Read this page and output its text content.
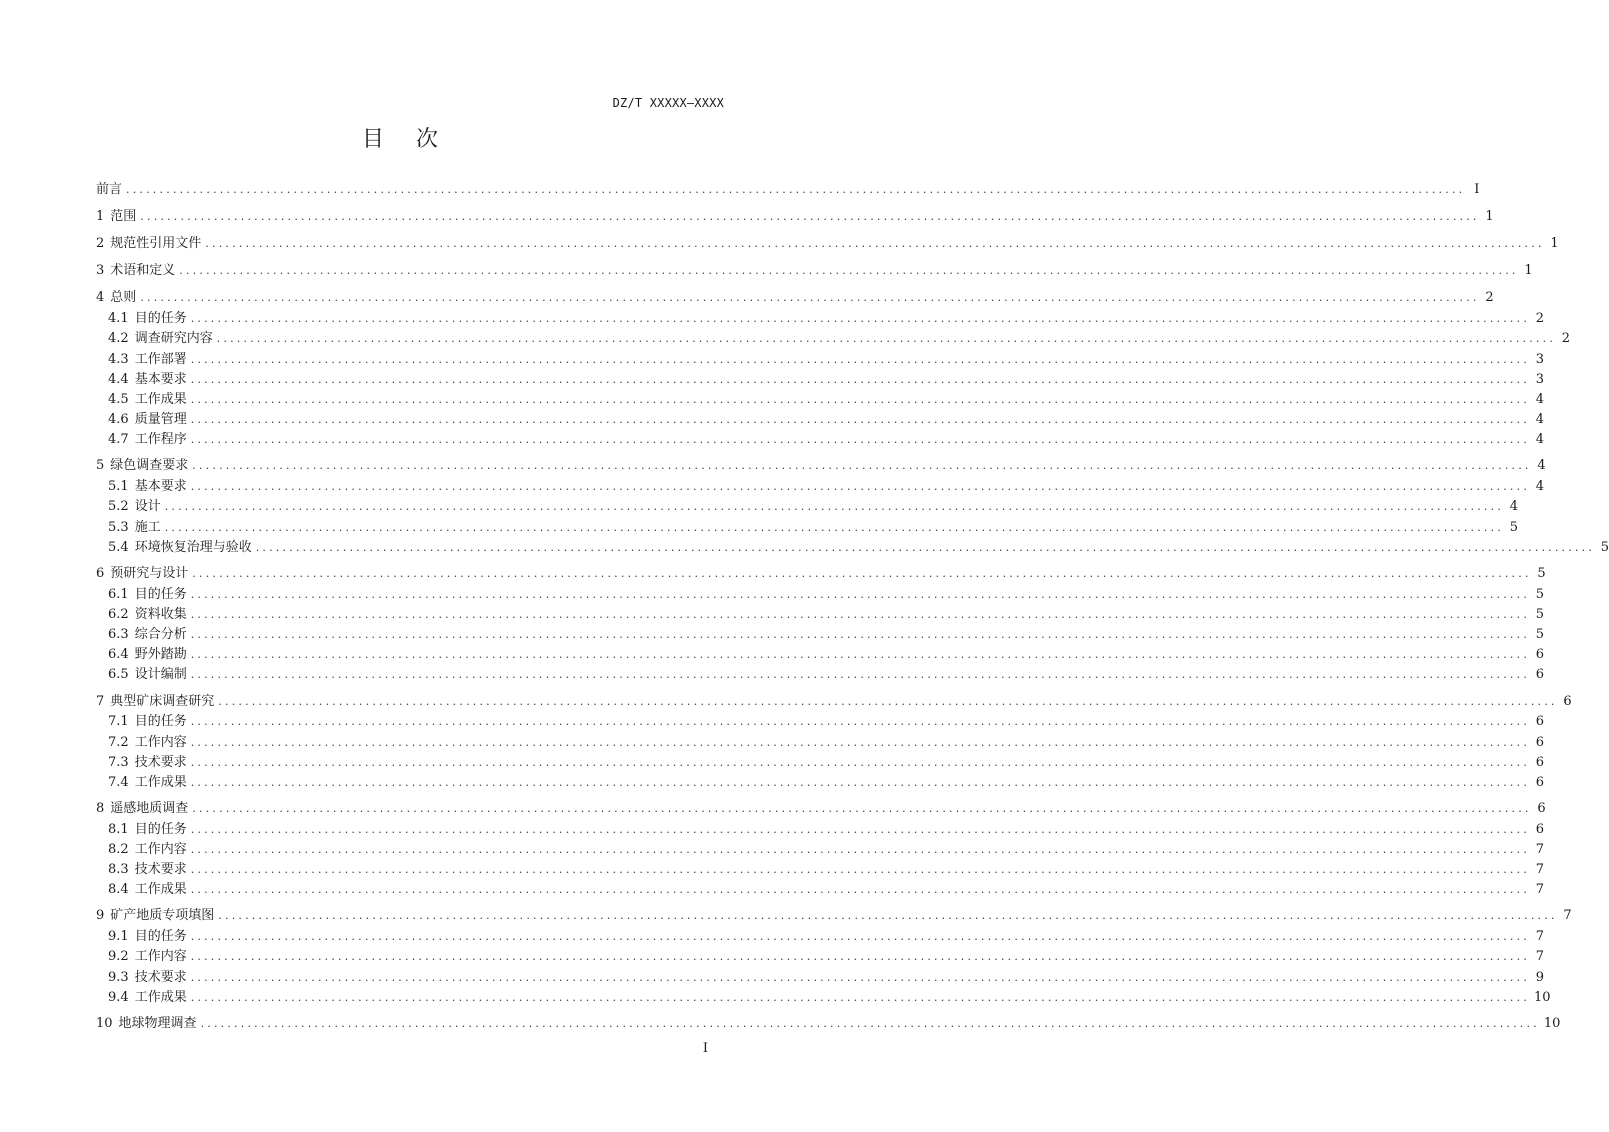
DZ/T XXXXX—XXXX
目 次
前言 ........................................................................................................................................................................................................ I
1 范围 ........................................................................................................................................................................................................ 1
2 规范性引用文件 ........................................................................................................................................................................................................ 1
3 术语和定义 ........................................................................................................................................................................................................ 1
4 总则 ........................................................................................................................................................................................................ 2
4.1 目的任务 ........................................................................................................................................................................................................ 2
4.2 调查研究内容 ........................................................................................................................................................................................................ 2
4.3 工作部署 ........................................................................................................................................................................................................ 3
4.4 基本要求 ........................................................................................................................................................................................................ 3
4.5 工作成果 ........................................................................................................................................................................................................ 4
4.6 质量管理 ........................................................................................................................................................................................................ 4
4.7 工作程序 ........................................................................................................................................................................................................ 4
5 绿色调查要求 ........................................................................................................................................................................................................ 4
5.1 基本要求 ........................................................................................................................................................................................................ 4
5.2 设计 ........................................................................................................................................................................................................ 4
5.3 施工 ........................................................................................................................................................................................................ 5
5.4 环境恢复治理与验收 ........................................................................................................................................................................................................ 5
6 预研究与设计 ........................................................................................................................................................................................................ 5
6.1 目的任务 ........................................................................................................................................................................................................ 5
6.2 资料收集 ........................................................................................................................................................................................................ 5
6.3 综合分析 ........................................................................................................................................................................................................ 5
6.4 野外踏勘 ........................................................................................................................................................................................................ 6
6.5 设计编制 ........................................................................................................................................................................................................ 6
7 典型矿床调查研究 ........................................................................................................................................................................................................ 6
7.1 目的任务 ........................................................................................................................................................................................................ 6
7.2 工作内容 ........................................................................................................................................................................................................ 6
7.3 技术要求 ........................................................................................................................................................................................................ 6
7.4 工作成果 ........................................................................................................................................................................................................ 6
8 遥感地质调查 ........................................................................................................................................................................................................ 6
8.1 目的任务 ........................................................................................................................................................................................................ 6
8.2 工作内容 ........................................................................................................................................................................................................ 7
8.3 技术要求 ........................................................................................................................................................................................................ 7
8.4 工作成果 ........................................................................................................................................................................................................ 7
9 矿产地质专项填图 ........................................................................................................................................................................................................ 7
9.1 目的任务 ........................................................................................................................................................................................................ 7
9.2 工作内容 ........................................................................................................................................................................................................ 7
9.3 技术要求 ........................................................................................................................................................................................................ 9
9.4 工作成果 ........................................................................................................................................................................................................ 10
10 地球物理调查 ........................................................................................................................................................................................................ 10
I
